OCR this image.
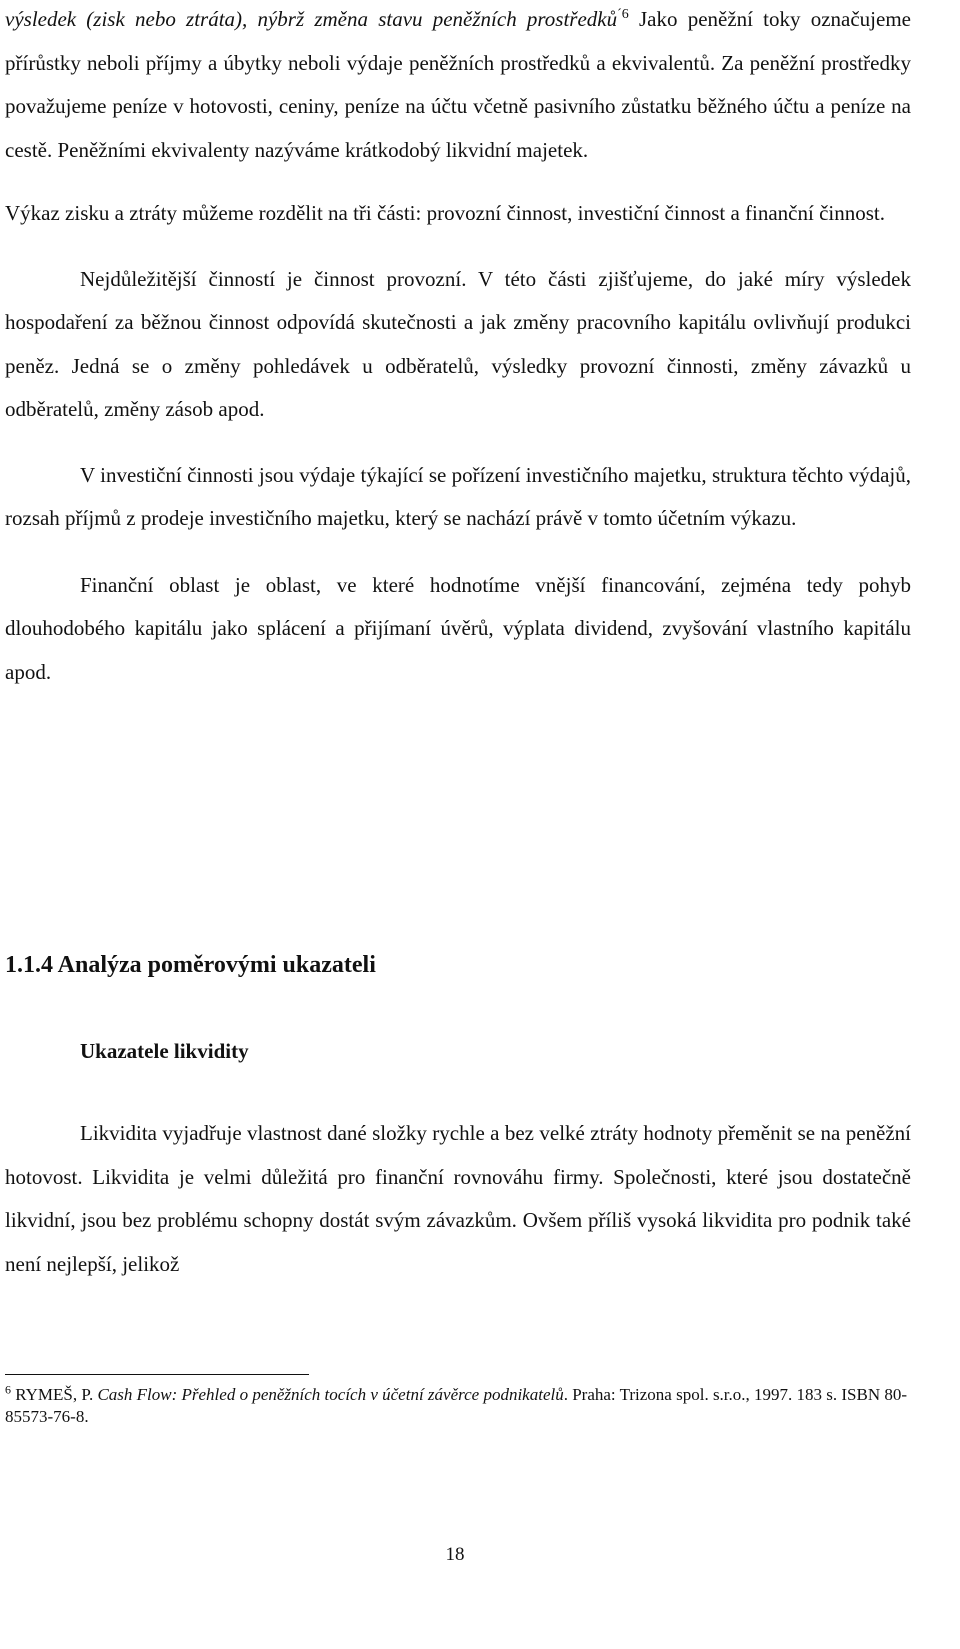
výsledek (zisk nebo ztráta), nýbrž změna stavu peněžních prostředků$^{´6}$ Jako peněžní toky označujeme přírůstky neboli příjmy a úbytky neboli výdaje peněžních prostředků a ekvivalentů. Za peněžní prostředky považujeme peníze v hotovosti, ceniny, peníze na účtu včetně pasivního zůstatku běžného účtu a peníze na cestě. Peněžními ekvivalenty nazýváme krátkodobý likvidní majetek.

Výkaz zisku a ztráty můžeme rozdělit na tři části: provozní činnost, investiční činnost a finanční činnost.

Nejdůležitější činností je činnost provozní. V této části zjišťujeme, do jaké míry výsledek hospodaření za běžnou činnost odpovídá skutečnosti a jak změny pracovního kapitálu ovlivňují produkci peněz. Jedná se o změny pohledávek u odběratelů, výsledky provozní činnosti, změny závazků u odběratelů, změny zásob apod.

V investiční činnosti jsou výdaje týkající se pořízení investičního majetku, struktura těchto výdajů, rozsah příjmů z prodeje investičního majetku, který se nachází právě v tomto účetním výkazu.

Finanční oblast je oblast, ve které hodnotíme vnější financování, zejména tedy pohyb dlouhodobého kapitálu jako splácení a přijímaní úvěrů, výplata dividend, zvyšování vlastního kapitálu apod.

1.1.4 Analýza poměrovými ukazateli
Ukazatele likvidity

Likvidita vyjadřuje vlastnost dané složky rychle a bez velké ztráty hodnoty přeměnit se na peněžní hotovost. Likvidita je velmi důležitá pro finanční rovnováhu firmy. Společnosti, které jsou dostatečně likvidní, jsou bez problému schopny dostát svým závazkům. Ovšem příliš vysoká likvidita pro podnik také není nejlepší, jelikož

$^6$ RYMEŠ, P. Cash Flow: Přehled o peněžních tocích v účetní závěrce podnikatelů. Praha: Trizona spol. s.r.o., 1997. 183 s. ISBN 80-85573-76-8.
18
